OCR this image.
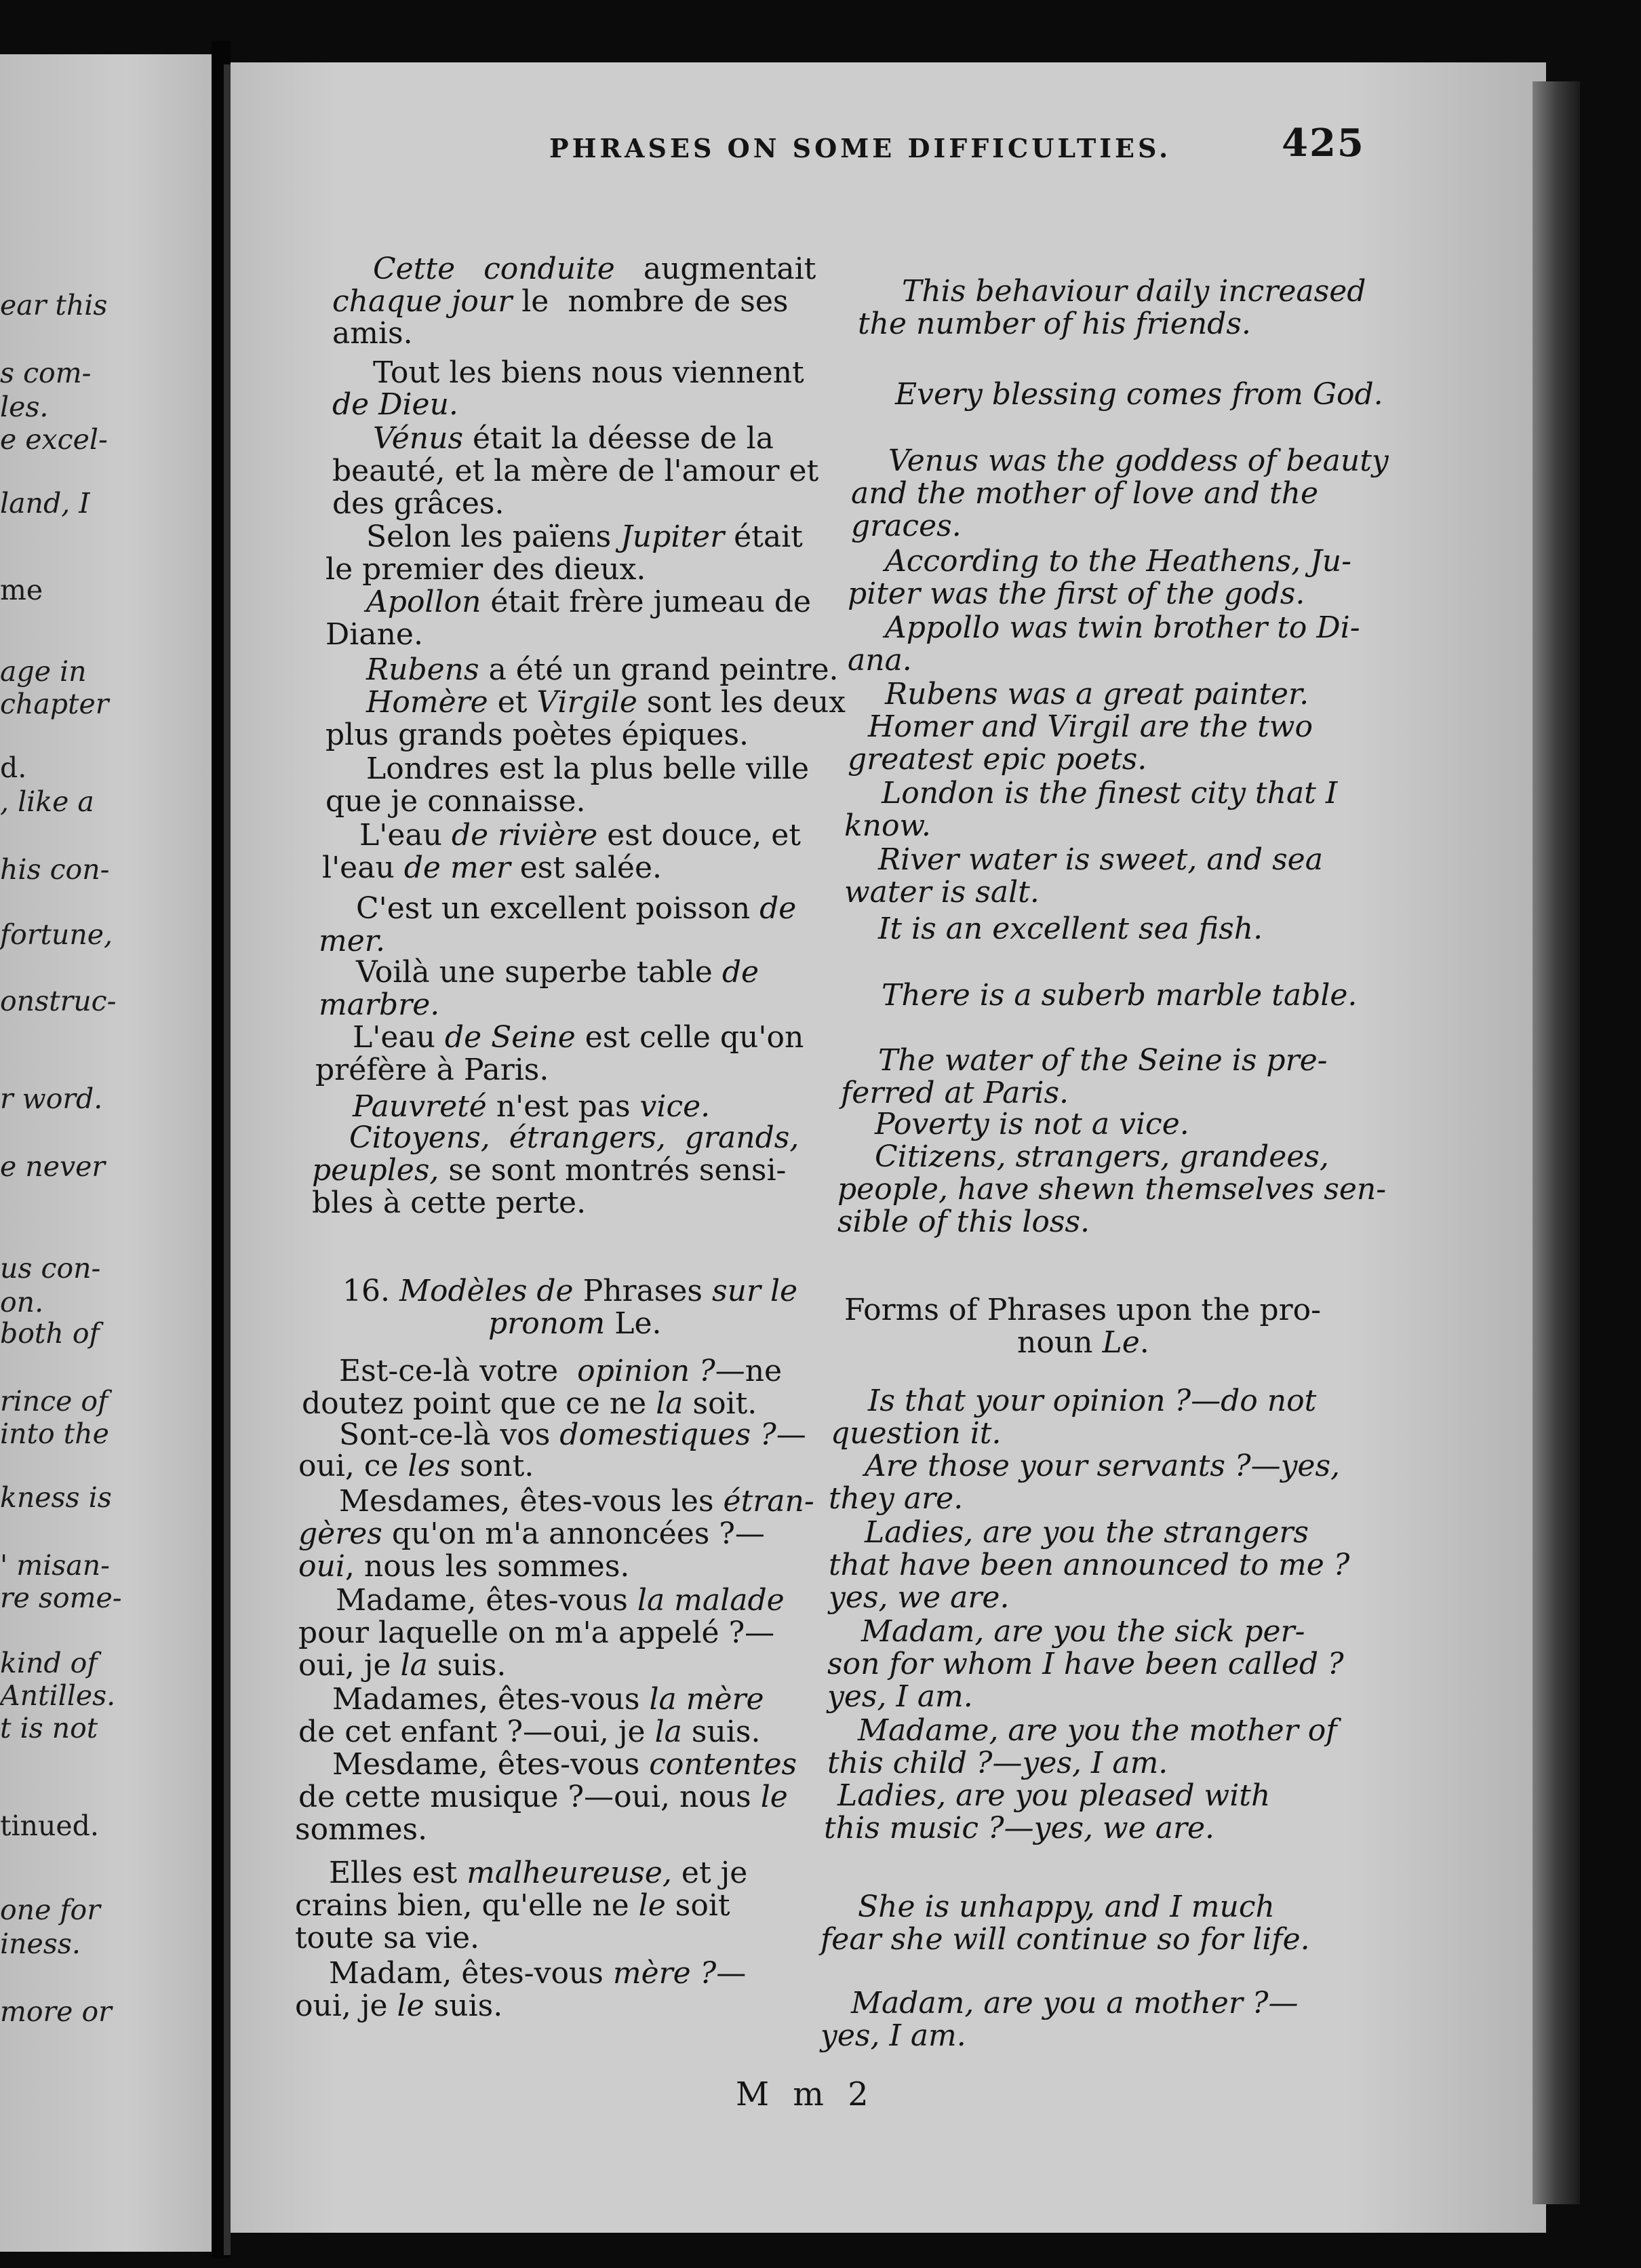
ear this
s com-
les.
e excel-
land, I
me
age in
chapter
d.
, like a
his con-
fortune,
onstruc-
r word.
e never
us con-
on.
both of
rince of
into the
kness is
' misan-
re some-
kind of
Antilles.
t is not
tinued.
one for
iness.
more or
PHRASES ON SOME DIFFICULTIES.	425
Cette conduite   augmentait
chaque jour le  nombre de ses
amis.
Tout les biens nous viennent
de Dieu.
Vénus était la déesse de la
beauté, et la mère de l'amour et
des grâces.
Selon les païens Jupiter était
le premier des dieux.
Apollon était frère jumeau de
Diane.
Rubens a été un grand peintre.
Homère et Virgile sont les deux
plus grands poètes épiques.
Londres est la plus belle ville
que je connaisse.
L'eau de rivière est douce, et
l'eau de mer est salée.
C'est un excellent poisson de
mer.
Voilà une superbe table de
marbre.
L'eau de Seine est celle qu'on
préfère à Paris.
Pauvreté n'est pas vice.
Citoyens, étrangers, grands,
peuples, se sont montrés sensi-
bles à cette perte.
16. Modèles de Phrases sur le
pronom Le.
Est-ce-là votre  opinion ?—ne
doutez point que ce ne la soit.
Sont-ce-là vos domestiques ?—
oui, ce les sont.
Mesdames, êtes-vous les étran-
gères qu'on m'a annoncées ?—
oui, nous les sommes.
Madame, êtes-vous la malade
pour laquelle on m'a appelé ?—
oui, je la suis.
Madames, êtes-vous la mère
de cet enfant ?—oui, je la suis.
Mesdame, êtes-vous contentes
de cette musique ?—oui, nous le
sommes.
Elles est malheureuse, et je
crains bien, qu'elle ne le soit
toute sa vie.
Madam, êtes-vous mère ?—
oui, je le suis.
This behaviour daily increased
the number of his friends.
Every blessing comes from God.
Venus was the goddess of beauty
and the mother of love and the
graces.
According to the Heathens, Ju-
piter was the first of the gods.
Appollo was twin brother to Di-
ana.
Rubens was a great painter.
Homer and Virgil are the two
greatest epic poets.
London is the finest city that I
know.
River water is sweet, and sea
water is salt.
It is an excellent sea fish.
There is a suberb marble table.
The water of the Seine is pre-
ferred at Paris.
Poverty is not a vice.
Citizens, strangers, grandees,
people, have shewn themselves sen-
sible of this loss.
Forms of Phrases upon the pro-
noun Le.
Is that your opinion ?—do not
question it.
Are those your servants ?—yes,
they are.
Ladies, are you the strangers
that have been announced to me ?
yes, we are.
Madam, are you the sick per-
son for whom I have been called ?
yes, I am.
Madame, are you the mother of
this child ?—yes, I am.
Ladies, are you pleased with
this music ?—yes, we are.
She is unhappy, and I much
fear she will continue so for life.
Madam, are you a mother ?—
yes, I am.
M m 2
